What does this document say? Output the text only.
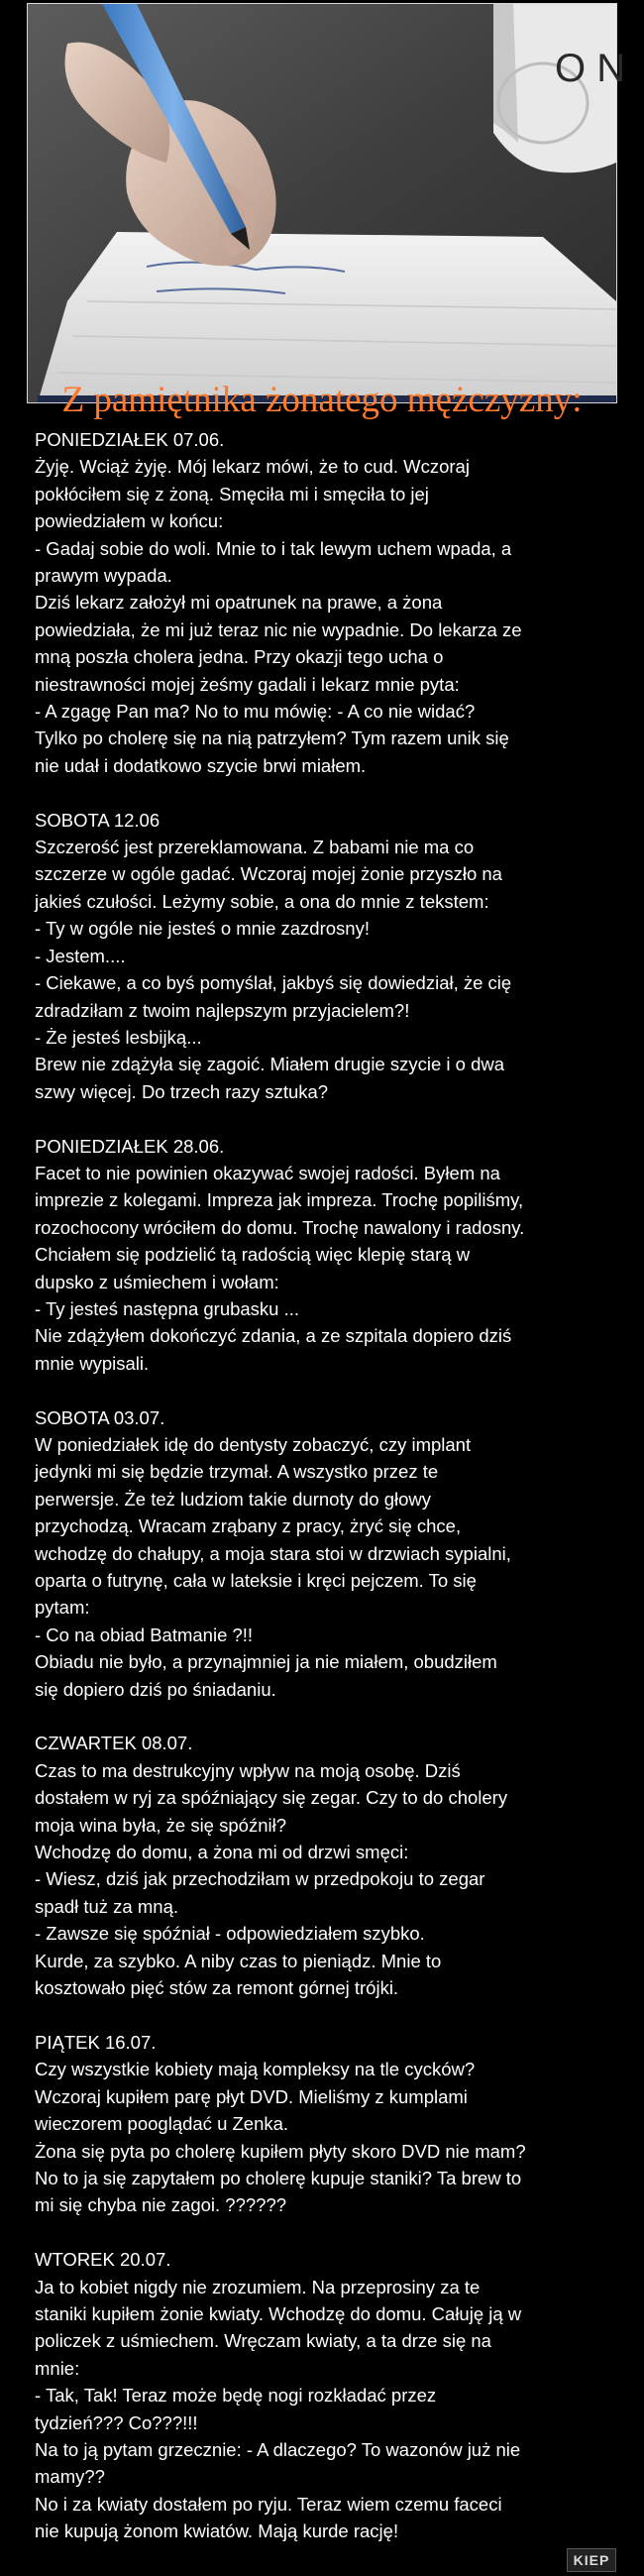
O N
Z pamiętnika żonatego mężczyzny:
PONIEDZIAŁEK 07.06.
Żyję. Wciąż żyję. Mój lekarz mówi, że to cud. Wczoraj
pokłóciłem się z żoną. Smęciła mi i smęciła to jej
powiedziałem w końcu:
- Gadaj sobie do woli. Mnie to i tak lewym uchem wpada, a
prawym wypada.
Dziś lekarz założył mi opatrunek na prawe, a żona
powiedziała, że mi już teraz nic nie wypadnie. Do lekarza ze
mną poszła cholera jedna. Przy okazji tego ucha o
niestrawności mojej żeśmy gadali i lekarz mnie pyta:
- A zgagę Pan ma? No to mu mówię: - A co nie widać?
Tylko po cholerę się na nią patrzyłem? Tym razem unik się
nie udał i dodatkowo szycie brwi miałem.
SOBOTA 12.06
Szczerość jest przereklamowana. Z babami nie ma co
szczerze w ogóle gadać. Wczoraj mojej żonie przyszło na
jakieś czułości. Leżymy sobie, a ona do mnie z tekstem:
- Ty w ogóle nie jesteś o mnie zazdrosny!
- Jestem....
- Ciekawe, a co byś pomyślał, jakbyś się dowiedział, że cię
zdradziłam z twoim najlepszym przyjacielem?!
- Że jesteś lesbijką...
Brew nie zdążyła się zagoić. Miałem drugie szycie i o dwa
szwy więcej. Do trzech razy sztuka?
PONIEDZIAŁEK 28.06.
Facet to nie powinien okazywać swojej radości. Byłem na
imprezie z kolegami. Impreza jak impreza. Trochę popiliśmy,
rozochocony wróciłem do domu. Trochę nawalony i radosny.
Chciałem się podzielić tą radością więc klepię starą w
dupsko z uśmiechem i wołam:
- Ty jesteś następna grubasku ...
Nie zdążyłem dokończyć zdania, a ze szpitala dopiero dziś
mnie wypisali.
SOBOTA 03.07.
W poniedziałek idę do dentysty zobaczyć, czy implant
jedynki mi się będzie trzymał. A wszystko przez te
perwersje. Że też ludziom takie durnoty do głowy
przychodzą. Wracam zrąbany z pracy, żryć się chce,
wchodzę do chałupy, a moja stara stoi w drzwiach sypialni,
oparta o futrynę, cała w lateksie i kręci pejczem. To się
pytam:
- Co na obiad Batmanie ?!!
Obiadu nie było, a przynajmniej ja nie miałem, obudziłem
się dopiero dziś po śniadaniu.
CZWARTEK 08.07.
Czas to ma destrukcyjny wpływ na moją osobę. Dziś
dostałem w ryj za spóźniający się zegar. Czy to do cholery
moja wina była, że się spóźnił?
Wchodzę do domu, a żona mi od drzwi smęci:
- Wiesz, dziś jak przechodziłam w przedpokoju to zegar
spadł tuż za mną.
- Zawsze się spóźniał - odpowiedziałem szybko.
Kurde, za szybko. A niby czas to pieniądz. Mnie to
kosztowało pięć stów za remont górnej trójki.
PIĄTEK 16.07.
Czy wszystkie kobiety mają kompleksy na tle cycków?
Wczoraj kupiłem parę płyt DVD. Mieliśmy z kumplami
wieczorem pooglądać u Zenka.
Żona się pyta po cholerę kupiłem płyty skoro DVD nie mam?
No to ja się zapytałem po cholerę kupuje staniki? Ta brew to
mi się chyba nie zagoi. ??????
WTOREK 20.07.
Ja to kobiet nigdy nie zrozumiem. Na przeprosiny za te
staniki kupiłem żonie kwiaty. Wchodzę do domu. Całuję ją w
policzek z uśmiechem. Wręczam kwiaty, a ta drze się na
mnie:
- Tak, Tak! Teraz może będę nogi rozkładać przez
tydzień??? Co???!!!
Na to ją pytam grzecznie: - A dlaczego? To wazonów już nie
mamy??
No i za kwiaty dostałem po ryju. Teraz wiem czemu faceci
nie kupują żonom kwiatów. Mają kurde rację!
KIEP
